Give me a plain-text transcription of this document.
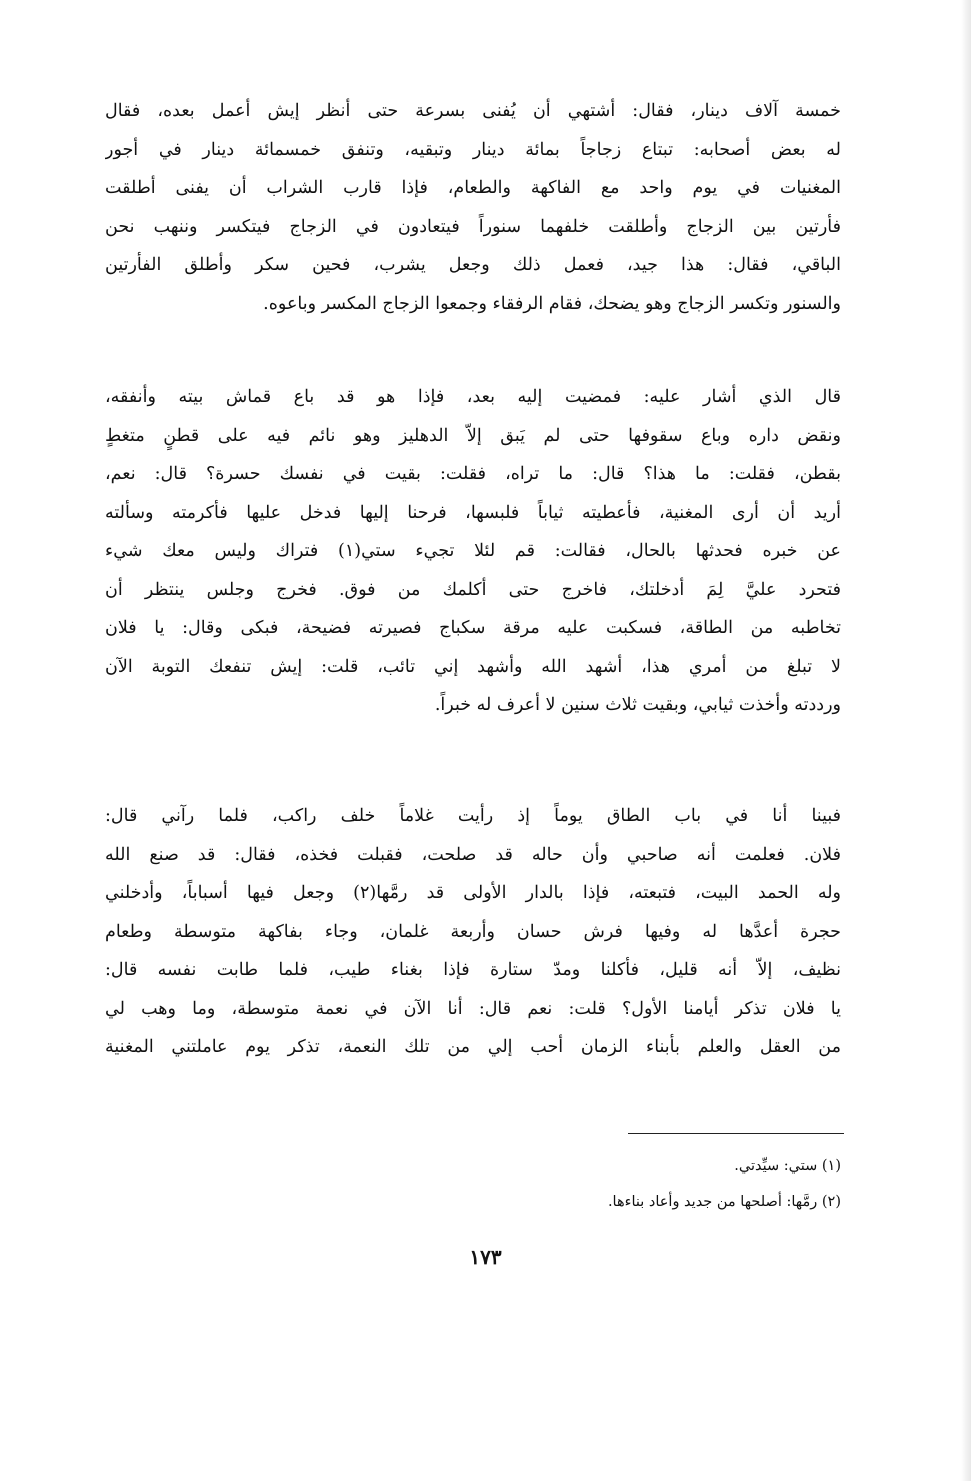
خمسة آلاف دينار، فقال: أشتهي أن يُفنى بسرعة حتى أنظر إيش أعمل بعده، فقال
له بعض أصحابه: تبتاع زجاجاً بمائة دينار وتبقيه، وتنفق خمسمائة دينار في أجور
المغنيات في يوم واحد مع الفاكهة والطعام، فإذا قارب الشراب أن يفنى أطلقت
فأرتين بين الزجاج وأطلقت خلفهما سنوراً فيتعادون في الزجاج فيتكسر وننهب نحن
الباقي، فقال: هذا جيد، فعمل ذلك وجعل يشرب، فحين سكر وأطلق الفأرتين
والسنور وتكسر الزجاج وهو يضحك، فقام الرفقاء وجمعوا الزجاج المكسر وباعوه.
قال الذي أشار عليه: فمضيت إليه بعد، فإذا هو قد باع قماش بيته وأنفقه،
ونقض داره وباع سقوفها حتى لم يَبق إلاّ الدهليز وهو نائم فيه على قطنٍ متغطٍ
بقطن، فقلت: ما هذا؟ قال: ما تراه، فقلت: بقيت في نفسك حسرة؟ قال: نعم،
أريد أن أرى المغنية، فأعطيته ثياباً فلبسها، فرحنا إليها فدخل عليها فأكرمته وسألته
عن خبره فحدثها بالحال، فقالت: قم لئلا تجيء ستي(١) فتراك وليس معك شيء
فتحرد عليَّ لِمَ أدخلتك، فاخرج حتى أكلمك من فوق. فخرج وجلس ينتظر أن
تخاطبه من الطاقة، فسكبت عليه مرقة سكباج فصيرته فضيحة، فبكى وقال: يا فلان
لا تبلغ من أمري هذا، أشهد الله وأشهد إني تائب، قلت: إيش تنفعك التوبة الآن
ورددته وأخذت ثيابي، وبقيت ثلاث سنين لا أعرف له خبراً.
فبينا أنا في باب الطاق يوماً إذ رأيت غلاماً خلف راكب، فلما رآني قال:
فلان. فعلمت أنه صاحبي وأن حاله قد صلحت، فقبلت فخذه، فقال: قد صنع الله
وله الحمد البيت، فتبعته، فإذا بالدار الأولى قد رمَّها(٢) وجعل فيها أسباباً، وأدخلني
حجرة أعدَّها له وفيها فرش حسان وأربعة غلمان، وجاء بفاكهة متوسطة وطعام
نظيف، إلاّ أنه قليل، فأكلنا ومدّ ستارة فإذا بغناء طيب، فلما طابت نفسه قال:
يا فلان تذكر أيامنا الأول؟ قلت: نعم قال: أنا الآن في نعمة متوسطة، وما وهب لي
من العقل والعلم بأبناء الزمان أحب إلي من تلك النعمة، تذكر يوم عاملتني المغنية
(١) ستي: سيِّدتي.
(٢) رمَّها: أصلحها من جديد وأعاد بناءها.
١٧٣
